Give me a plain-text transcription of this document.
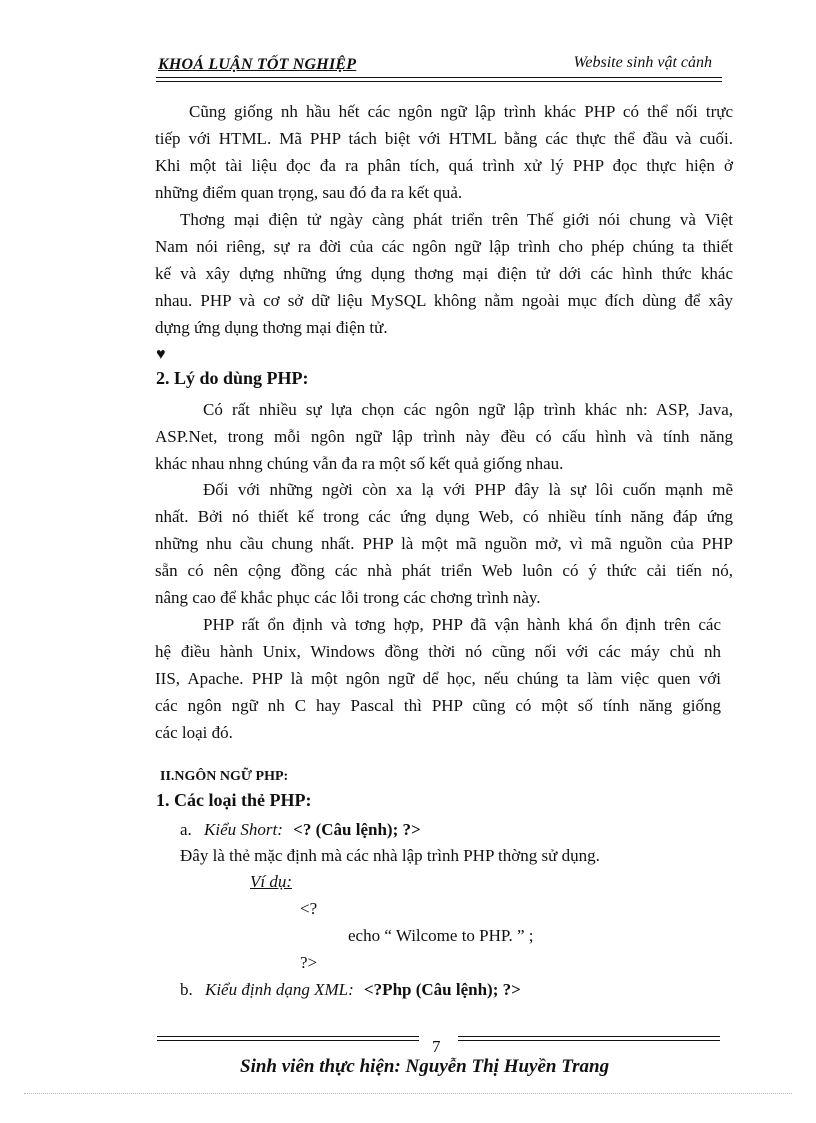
KHOÁ LUẬN TỐT NGHIỆP	Website sinh vật cảnh
Cũng giống nh hầu hết các ngôn ngữ lập trình khác PHP có thể nối trực
tiếp với HTML. Mã PHP tách biệt với HTML bằng các thực thể đầu và cuối.
Khi một tài liệu đọc đa ra phân tích, quá trình xử lý PHP đọc thực hiện ở
những điểm quan trọng, sau đó đa ra kết quả.
Thơng mại điện tử ngày càng phát triển trên Thế giới nói chung và Việt
Nam nói riêng, sự ra đời của các ngôn ngữ lập trình cho phép chúng ta thiết
kế và xây dựng những ứng dụng thơng mại điện tử dới các hình thức khác
nhau. PHP và cơ sở dữ liệu MySQL không nằm ngoài mục đích dùng để xây
dựng ứng dụng thơng mại điện tử.
♥
2. Lý do dùng PHP:
Có rất nhiều sự lựa chọn các ngôn ngữ lập trình khác nh: ASP, Java,
ASP.Net, trong mỗi ngôn ngữ lập trình này đều có cấu hình và tính năng
khác nhau nhng chúng vẫn đa ra một số kết quả giống nhau.
Đối với những ngời còn xa lạ với PHP đây là sự lôi cuốn mạnh mẽ
nhất. Bởi nó thiết kế trong các ứng dụng Web, có nhiều tính năng đáp ứng
những nhu cầu chung nhất. PHP là một mã nguồn mở, vì mã nguồn của PHP
sẵn có nên cộng đồng các nhà phát triển Web luôn có ý thức cải tiến nó,
nâng cao để khắc phục các lỗi trong các chơng trình này.
PHP rất ổn định và tơng hợp, PHP đã vận hành khá ổn định trên các
hệ điều hành Unix, Windows đồng thời nó cũng nối với các máy chủ nh
IIS, Apache. PHP là một ngôn ngữ dể học, nếu chúng ta làm việc quen với
các ngôn ngữ nh C hay Pascal thì PHP cũng có một số tính năng giống
các loại đó.
II.NGÔN NGỮ PHP:
1. Các loại thẻ PHP:
a. Kiểu Short: <? (Câu lệnh); ?>
Đây là thẻ mặc định mà các nhà lập trình PHP thờng sử dụng.
Ví dụ:
<?
echo “ Wilcome to PHP. ” ;
?>
b. Kiểu định dạng XML: <?Php (Câu lệnh); ?>
7
Sinh viên thực hiện: Nguyễn Thị Huyền Trang
